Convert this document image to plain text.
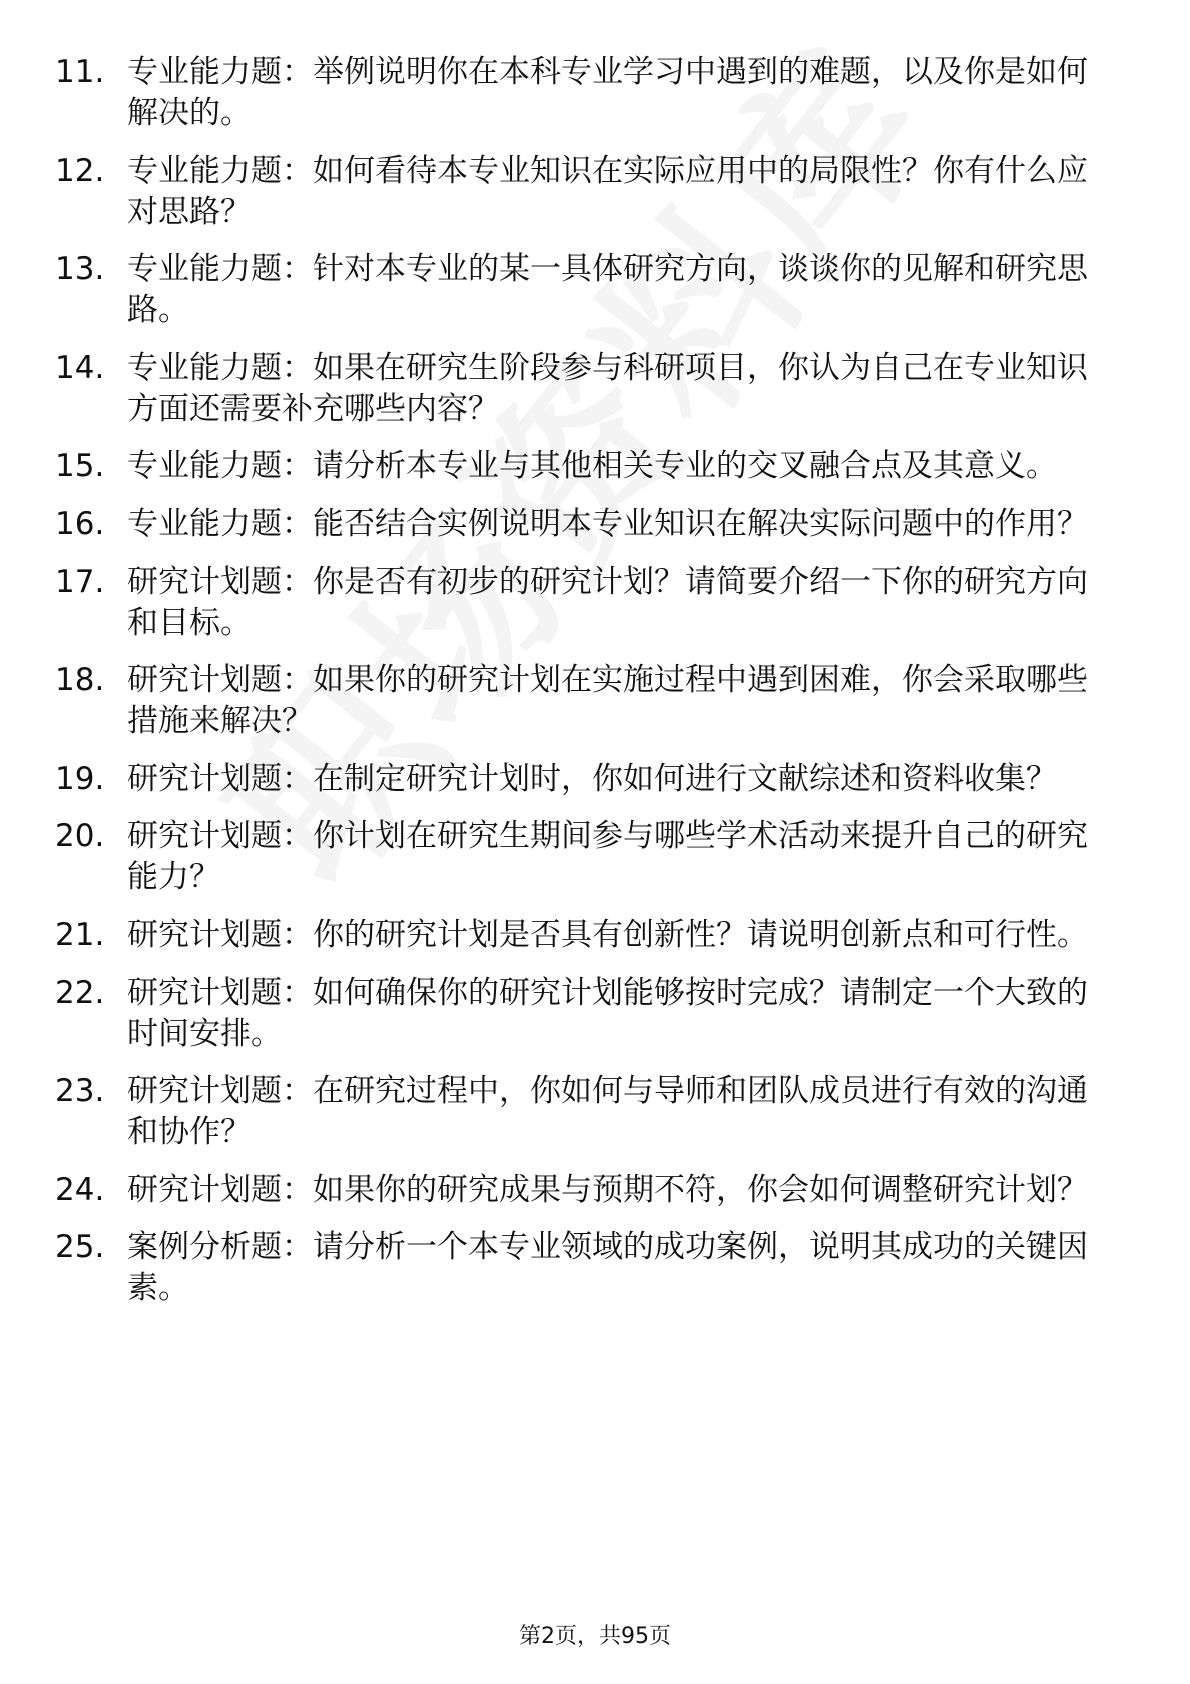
11. 专业能力题：举例说明你在本科专业学习中遇到的难题，以及你是如何解决的。
12. 专业能力题：如何看待本专业知识在实际应用中的局限性？你有什么应对思路？
13. 专业能力题：针对本专业的某一具体研究方向，谈谈你的见解和研究思路。
14. 专业能力题：如果在研究生阶段参与科研项目，你认为自己在专业知识方面还需要补充哪些内容？
15. 专业能力题：请分析本专业与其他相关专业的交叉融合点及其意义。
16. 专业能力题：能否结合实例说明本专业知识在解决实际问题中的作用？
17. 研究计划题：你是否有初步的研究计划？请简要介绍一下你的研究方向和目标。
18. 研究计划题：如果你的研究计划在实施过程中遇到困难，你会采取哪些措施来解决？
19. 研究计划题：在制定研究计划时，你如何进行文献综述和资料收集？
20. 研究计划题：你计划在研究生期间参与哪些学术活动来提升自己的研究能力？
21. 研究计划题：你的研究计划是否具有创新性？请说明创新点和可行性。
22. 研究计划题：如何确保你的研究计划能够按时完成？请制定一个大致的时间安排。
23. 研究计划题：在研究过程中，你如何与导师和团队成员进行有效的沟通和协作？
24. 研究计划题：如果你的研究成果与预期不符，你会如何调整研究计划？
25. 案例分析题：请分析一个本专业领域的成功案例，说明其成功的关键因素。
第2页，共95页
